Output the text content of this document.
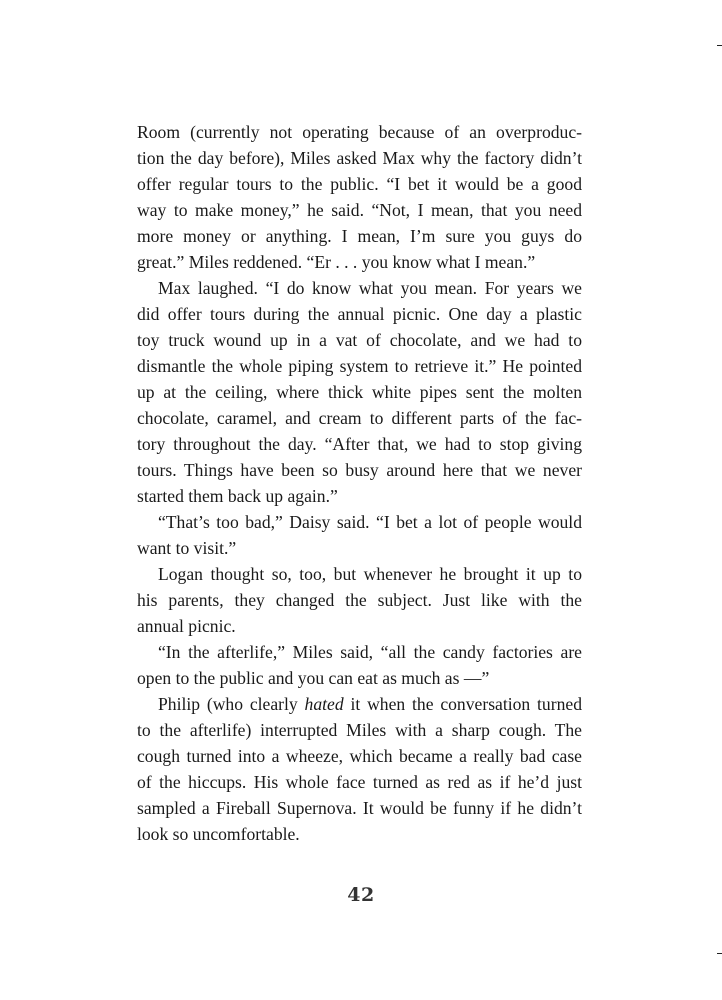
Room (currently not operating because of an overproduc-
tion the day before), Miles asked Max why the factory didn’t
offer regular tours to the public. “I bet it would be a good
way to make money,” he said. “Not, I mean, that you need
more money or anything. I mean, I’m sure you guys do
great.” Miles reddened. “Er . . . you know what I mean.”
Max laughed. “I do know what you mean. For years we
did offer tours during the annual picnic. One day a plastic
toy truck wound up in a vat of chocolate, and we had to
dismantle the whole piping system to retrieve it.” He pointed
up at the ceiling, where thick white pipes sent the molten
chocolate, caramel, and cream to different parts of the fac-
tory throughout the day. “After that, we had to stop giving
tours. Things have been so busy around here that we never
started them back up again.”
“That’s too bad,” Daisy said. “I bet a lot of people would
want to visit.”
Logan thought so, too, but whenever he brought it up to
his parents, they changed the subject. Just like with the
annual picnic.
“In the afterlife,” Miles said, “all the candy factories are
open to the public and you can eat as much as —”
Philip (who clearly hated it when the conversation turned
to the afterlife) interrupted Miles with a sharp cough. The
cough turned into a wheeze, which became a really bad case
of the hiccups. His whole face turned as red as if he’d just
sampled a Fireball Supernova. It would be funny if he didn’t
look so uncomfortable.
42
